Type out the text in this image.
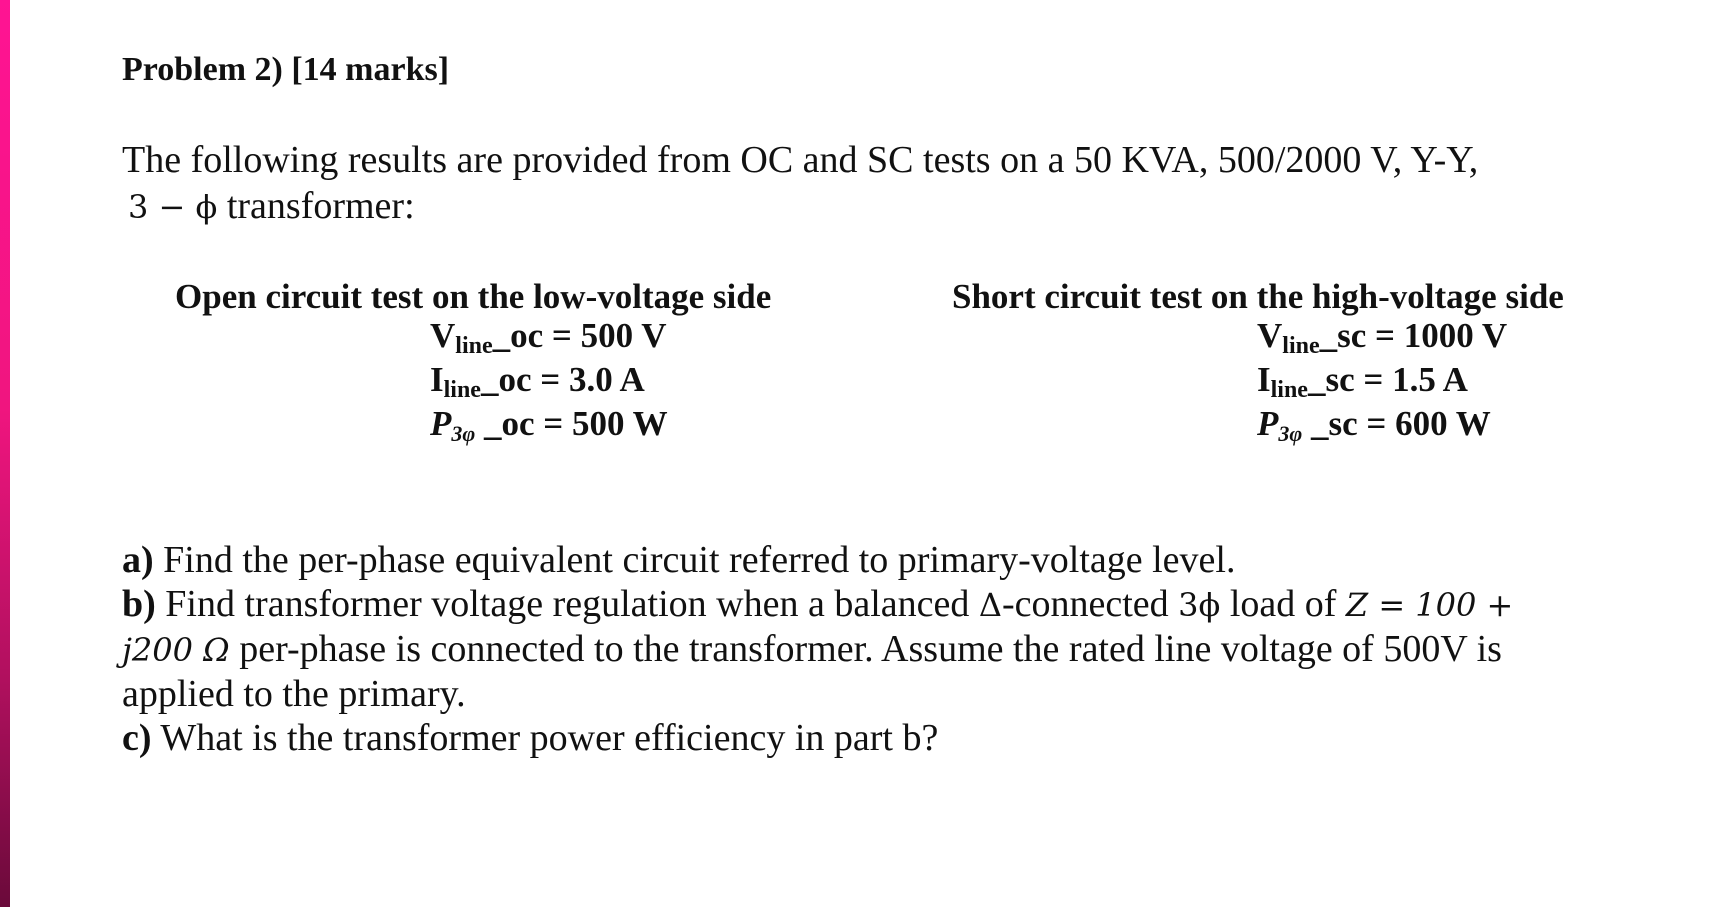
Problem 2) [14 marks]
The following results are provided from OC and SC tests on a 50 KVA, 500/2000 V, Y-Y,
3 − ϕ transformer:
Open circuit test on the low-voltage side
$V_{line}\_oc = 500$ V
$I_{line}\_oc = 3.0$ A
P3φ _oc = 500 W
Short circuit test on the high-voltage side
$V_{line}\_sc = 1000$ V
$I_{line}\_sc = 1.5$ A
P3φ _sc = 600 W
a) Find the per-phase equivalent circuit referred to primary-voltage level.
b) Find transformer voltage regulation when a balanced Δ-connected 3ϕ load of Z = 100 +
j200 Ω per-phase is connected to the transformer. Assume the rated line voltage of 500V is
applied to the primary.
c) What is the transformer power efficiency in part b?
